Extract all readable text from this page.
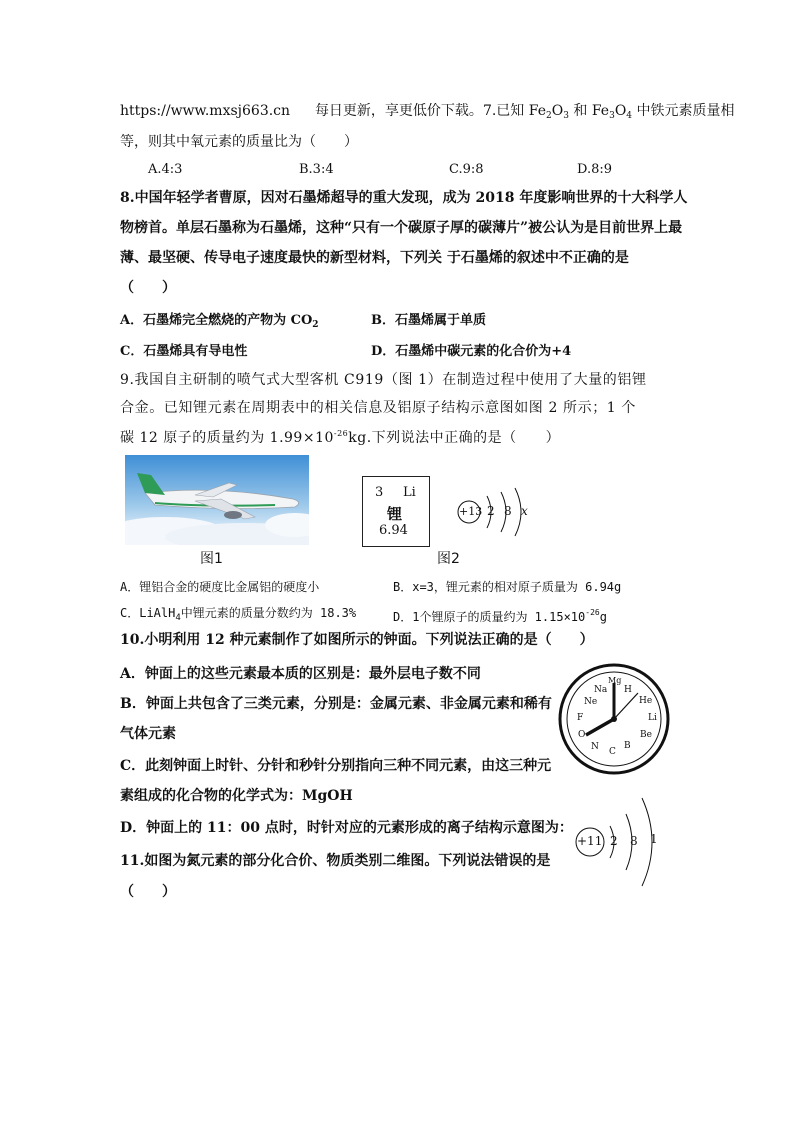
https://www.mxsj663.cn 每日更新，享更低价下载。7.已知 $Fe_2O_3$ 和 $Fe_3O_4$ 中铁元素质量相
等，则其中氧元素的质量比为（　　）
A.4:3	B.3:4	C.9:8	D.8:9
8.中国年轻学者曹原，因对石墨烯超导的重大发现，成为 2018 年度影响世界的十大科学人
物榜首。单层石墨称为石墨烯，这种“只有一个碳原子厚的碳薄片”被公认为是目前世界上最
薄、最坚硬、传导电子速度最快的新型材料，下列关 于石墨烯的叙述中不正确的是
（　　）
A．石墨烯完全燃烧的产物为 $CO_2$	B．石墨烯属于单质
C．石墨烯具有导电性	D．石墨烯中碳元素的化合价为+4
9.我国自主研制的喷气式大型客机 C919（图 1）在制造过程中使用了大量的铝锂
合金。已知锂元素在周期表中的相关信息及铝原子结构示意图如图 2 所示；1 个
碳 12 原子的质量约为 $1.99\times 10^{-26}kg$.下列说法中正确的是（　　）
图1
3 Li
锂
6.94
+13 2 8 x
图2
A．锂铝合金的硬度比金属铝的硬度小	B．x=3，锂元素的相对原子质量为 6.94g
C．LiAlH$_4$中锂元素的质量分数约为 18.3%	D．1个锂原子的质量约为 $1.15\times 10^{-26}g$
10.小明利用 12 种元素制作了如图所示的钟面。下列说法正确的是（　　）
A．钟面上的这些元素最本质的区别是：最外层电子数不同
B．钟面上共包含了三类元素，分别是：金属元素、非金属元素和稀有
气体元素
C．此刻钟面上时针、分针和秒针分别指向三种不同元素，由这三种元
素组成的化合物的化学式为：MgOH
D．钟面上的 11：00 点时，时针对应的元素形成的离子结构示意图为：
Mg
H
He
Li
Be
B
C
N
O
F
Ne
Na
+11 2 8 1
11.如图为氮元素的部分化合价、物质类别二维图。下列说法错误的是
（　　）
